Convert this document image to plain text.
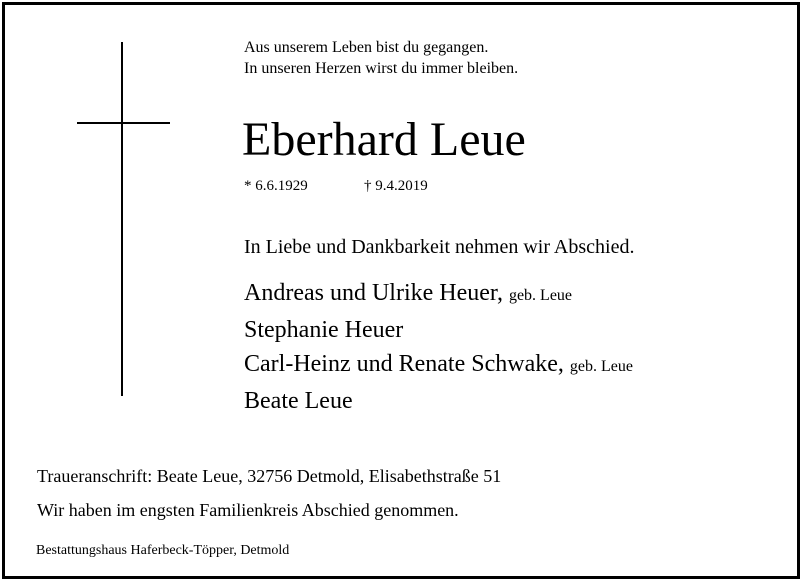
Aus unserem Leben bist du gegangen.
In unseren Herzen wirst du immer bleiben.
Eberhard Leue
* 6.6.1929	† 9.4.2019
In Liebe und Dankbarkeit nehmen wir Abschied.
Andreas und Ulrike Heuer, geb. Leue
Stephanie Heuer
Carl-Heinz und Renate Schwake, geb. Leue
Beate Leue
Traueranschrift: Beate Leue, 32756 Detmold, Elisabethstraße 51
Wir haben im engsten Familienkreis Abschied genommen.
Bestattungshaus Haferbeck-Töpper, Detmold
